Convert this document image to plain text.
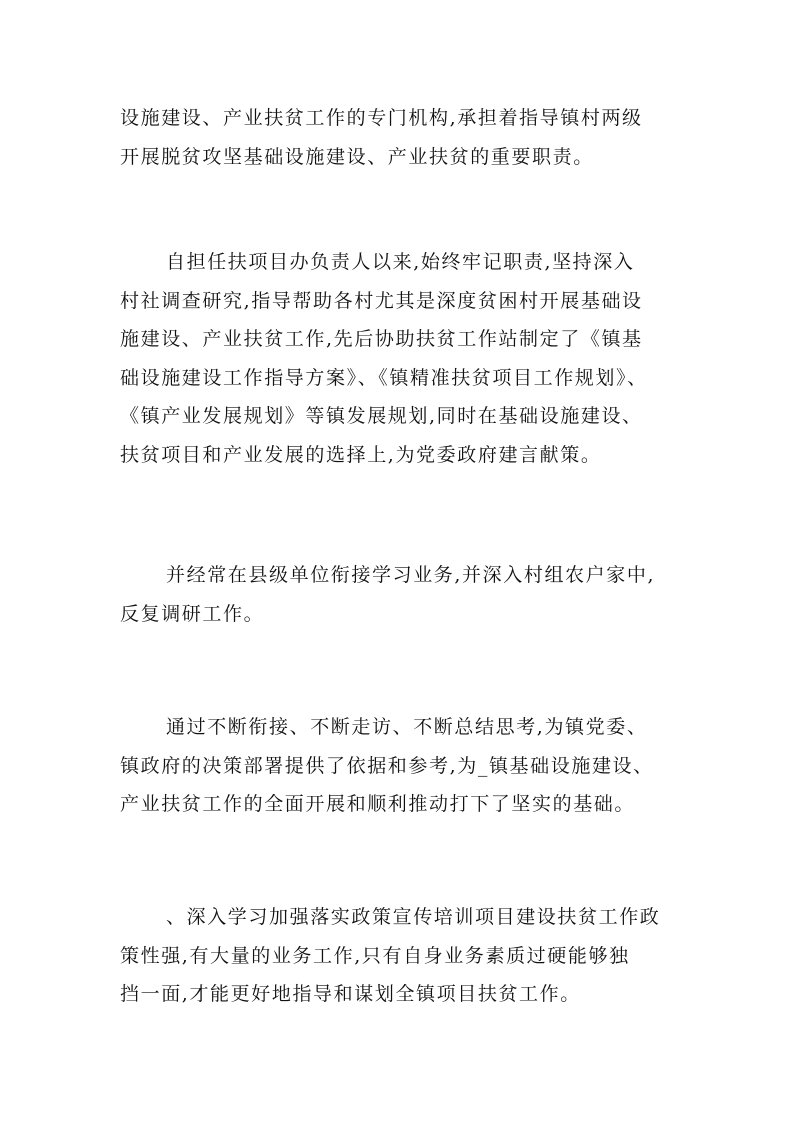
设施建设、产业扶贫工作的专门机构,承担着指导镇村两级
开展脱贫攻坚基础设施建设、产业扶贫的重要职责。
自担任扶项目办负责人以来,始终牢记职责,坚持深入
村社调查研究,指导帮助各村尤其是深度贫困村开展基础设
施建设、产业扶贫工作,先后协助扶贫工作站制定了《镇基
础设施建设工作指导方案》、《镇精准扶贫项目工作规划》、
《镇产业发展规划》等镇发展规划,同时在基础设施建设、
扶贫项目和产业发展的选择上,为党委政府建言献策。
并经常在县级单位衔接学习业务,并深入村组农户家中,
反复调研工作。
通过不断衔接、不断走访、不断总结思考,为镇党委、
镇政府的决策部署提供了依据和参考,为_镇基础设施建设、
产业扶贫工作的全面开展和顺利推动打下了坚实的基础。
、深入学习加强落实政策宣传培训项目建设扶贫工作政
策性强,有大量的业务工作,只有自身业务素质过硬能够独
挡一面,才能更好地指导和谋划全镇项目扶贫工作。
